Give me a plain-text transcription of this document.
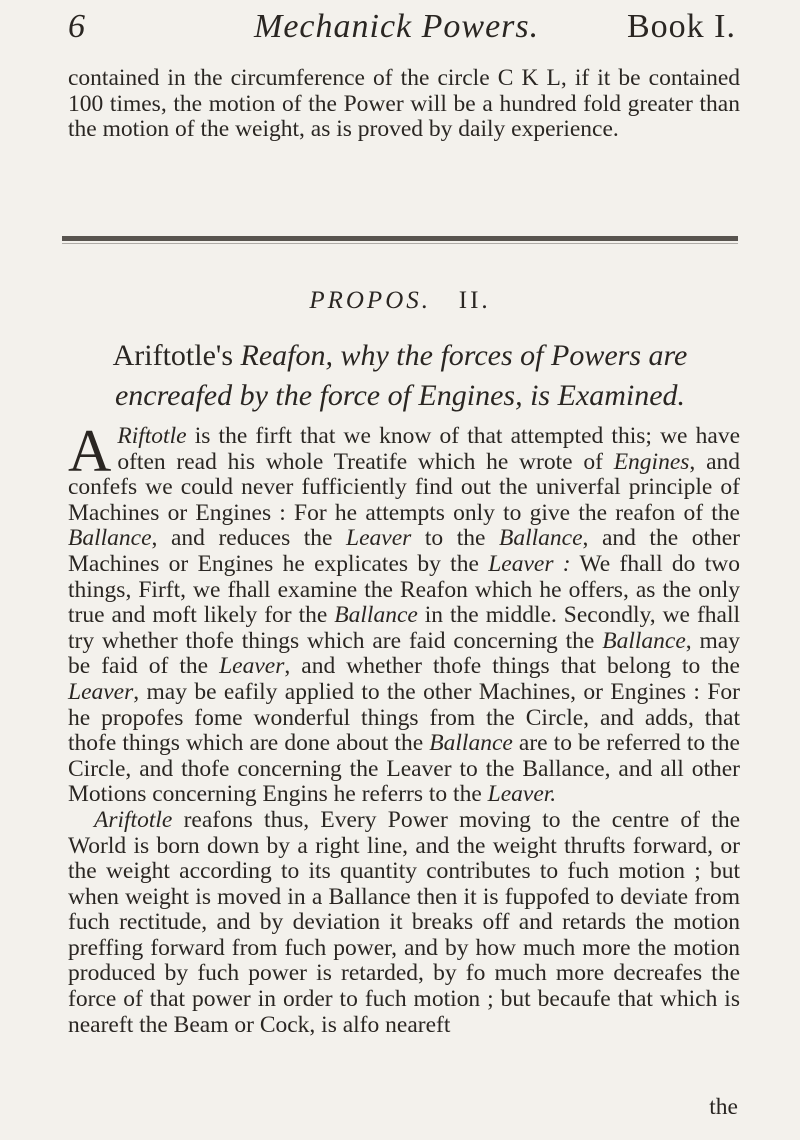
6	Mechanick Powers.	Book I.

contained in the circumference of the circle C K L, if it be contained 100 times, the motion of the Power will be a hundred fold greater than the motion of the weight, as is proved by daily experience.

PROPOS. II.
Ariftotle's Reafon, why the forces of Powers are encreafed by the force of Engines, is Examined.

A Riftotle is the firft that we know of that attempted this; we have often read his whole Treatife which he wrote of Engines, and confefs we could never fufficiently find out the univerfal principle of Machines or Engines : For he attempts only to give the reafon of the Ballance, and reduces the Leaver to the Ballance, and the other Machines or Engines he explicates by the Leaver : We fhall do two things, Firft, we fhall examine the Reafon which he offers, as the only true and moft likely for the Ballance in the middle. Secondly, we fhall try whether thofe things which are faid concerning the Ballance, may be faid of the Leaver, and whether thofe things that belong to the Leaver, may be eafily applied to the other Machines, or Engines : For he propofes fome wonderful things from the Circle, and adds, that thofe things which are done about the Ballance are to be referred to the Circle, and thofe concerning the Leaver to the Ballance, and all other Motions concerning Engins he referrs to the Leaver.

Ariftotle reafons thus, Every Power moving to the centre of the World is born down by a right line, and the weight thrufts forward, or the weight according to its quantity contributes to fuch motion ; but when weight is moved in a Ballance then it is fuppofed to deviate from fuch rectitude, and by deviation it breaks off and retards the motion preffing forward from fuch power, and by how much more the motion produced by fuch power is retarded, by fo much more decreafes the force of that power in order to fuch motion ; but becaufe that which is neareft the Beam or Cock, is alfo neareft

the
